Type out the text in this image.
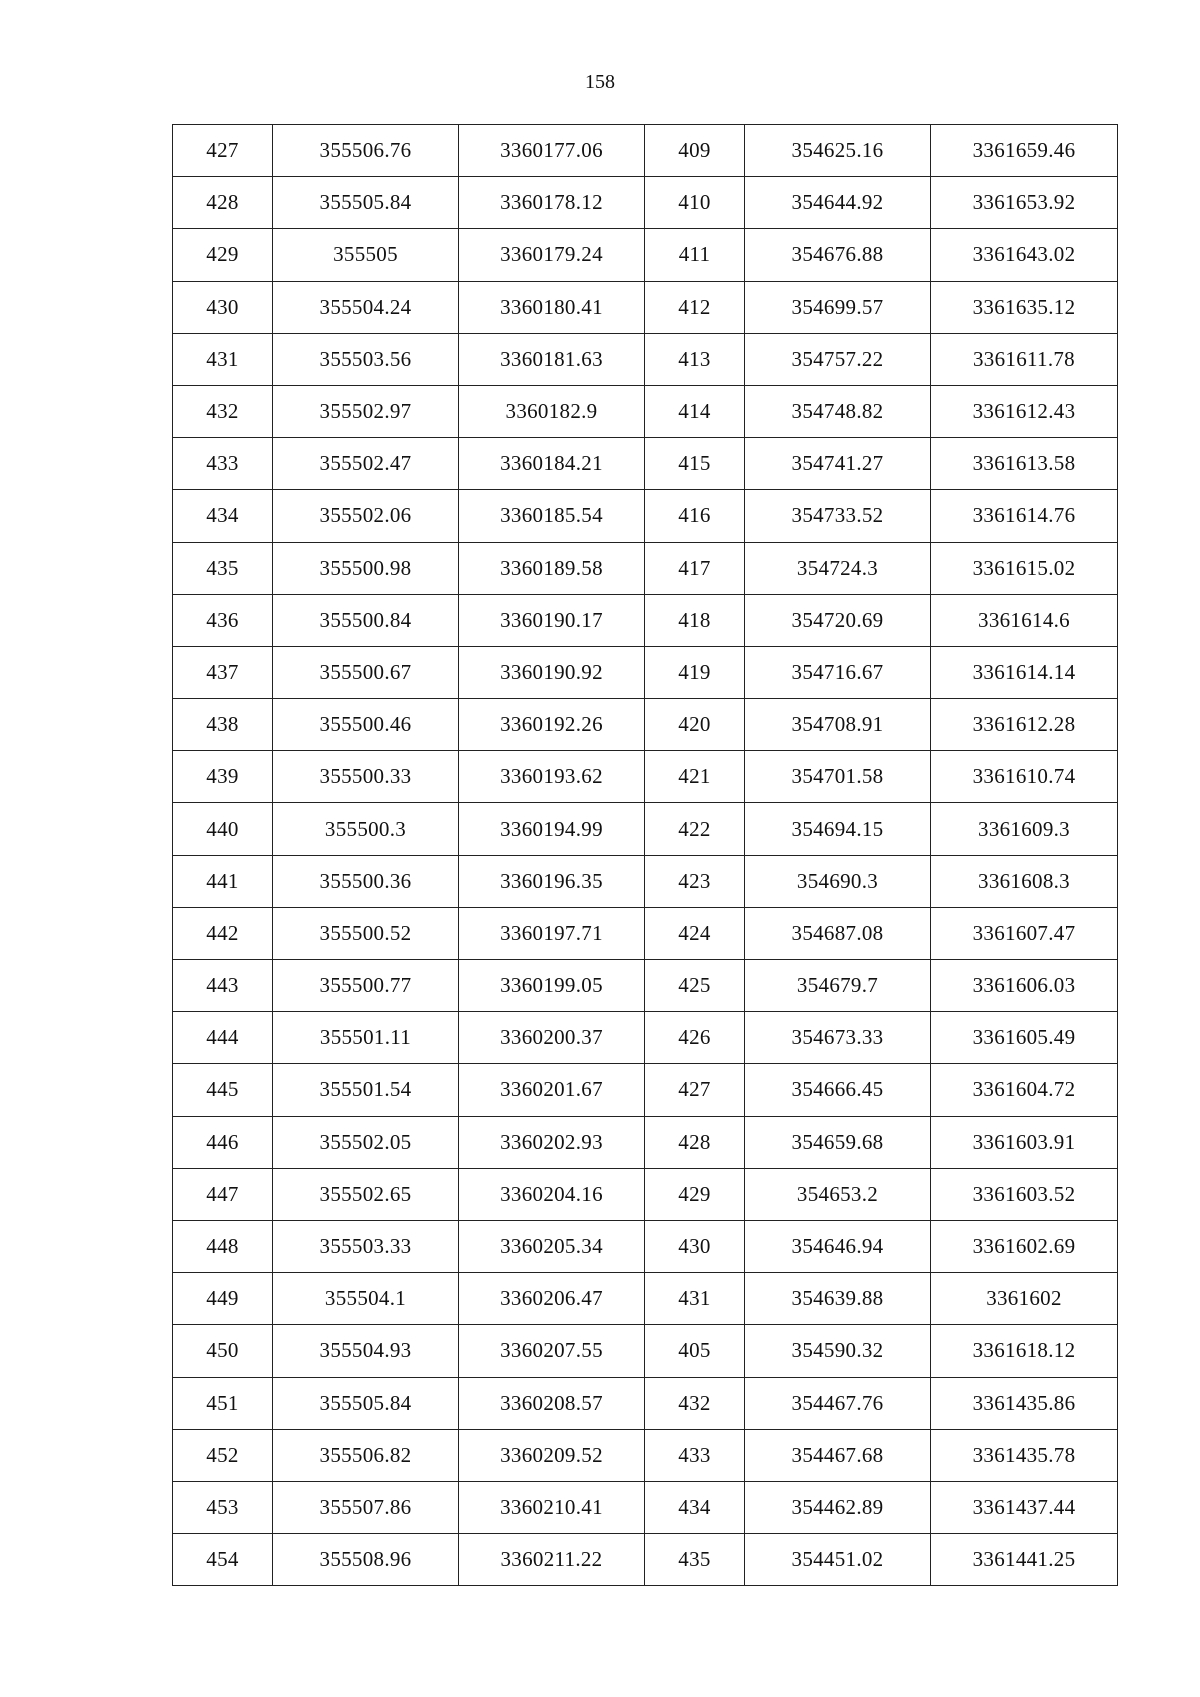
158
427	355506.76	3360177.06	409	354625.16	3361659.46
428	355505.84	3360178.12	410	354644.92	3361653.92
429	355505	3360179.24	411	354676.88	3361643.02
430	355504.24	3360180.41	412	354699.57	3361635.12
431	355503.56	3360181.63	413	354757.22	3361611.78
432	355502.97	3360182.9	414	354748.82	3361612.43
433	355502.47	3360184.21	415	354741.27	3361613.58
434	355502.06	3360185.54	416	354733.52	3361614.76
435	355500.98	3360189.58	417	354724.3	3361615.02
436	355500.84	3360190.17	418	354720.69	3361614.6
437	355500.67	3360190.92	419	354716.67	3361614.14
438	355500.46	3360192.26	420	354708.91	3361612.28
439	355500.33	3360193.62	421	354701.58	3361610.74
440	355500.3	3360194.99	422	354694.15	3361609.3
441	355500.36	3360196.35	423	354690.3	3361608.3
442	355500.52	3360197.71	424	354687.08	3361607.47
443	355500.77	3360199.05	425	354679.7	3361606.03
444	355501.11	3360200.37	426	354673.33	3361605.49
445	355501.54	3360201.67	427	354666.45	3361604.72
446	355502.05	3360202.93	428	354659.68	3361603.91
447	355502.65	3360204.16	429	354653.2	3361603.52
448	355503.33	3360205.34	430	354646.94	3361602.69
449	355504.1	3360206.47	431	354639.88	3361602
450	355504.93	3360207.55	405	354590.32	3361618.12
451	355505.84	3360208.57	432	354467.76	3361435.86
452	355506.82	3360209.52	433	354467.68	3361435.78
453	355507.86	3360210.41	434	354462.89	3361437.44
454	355508.96	3360211.22	435	354451.02	3361441.25
